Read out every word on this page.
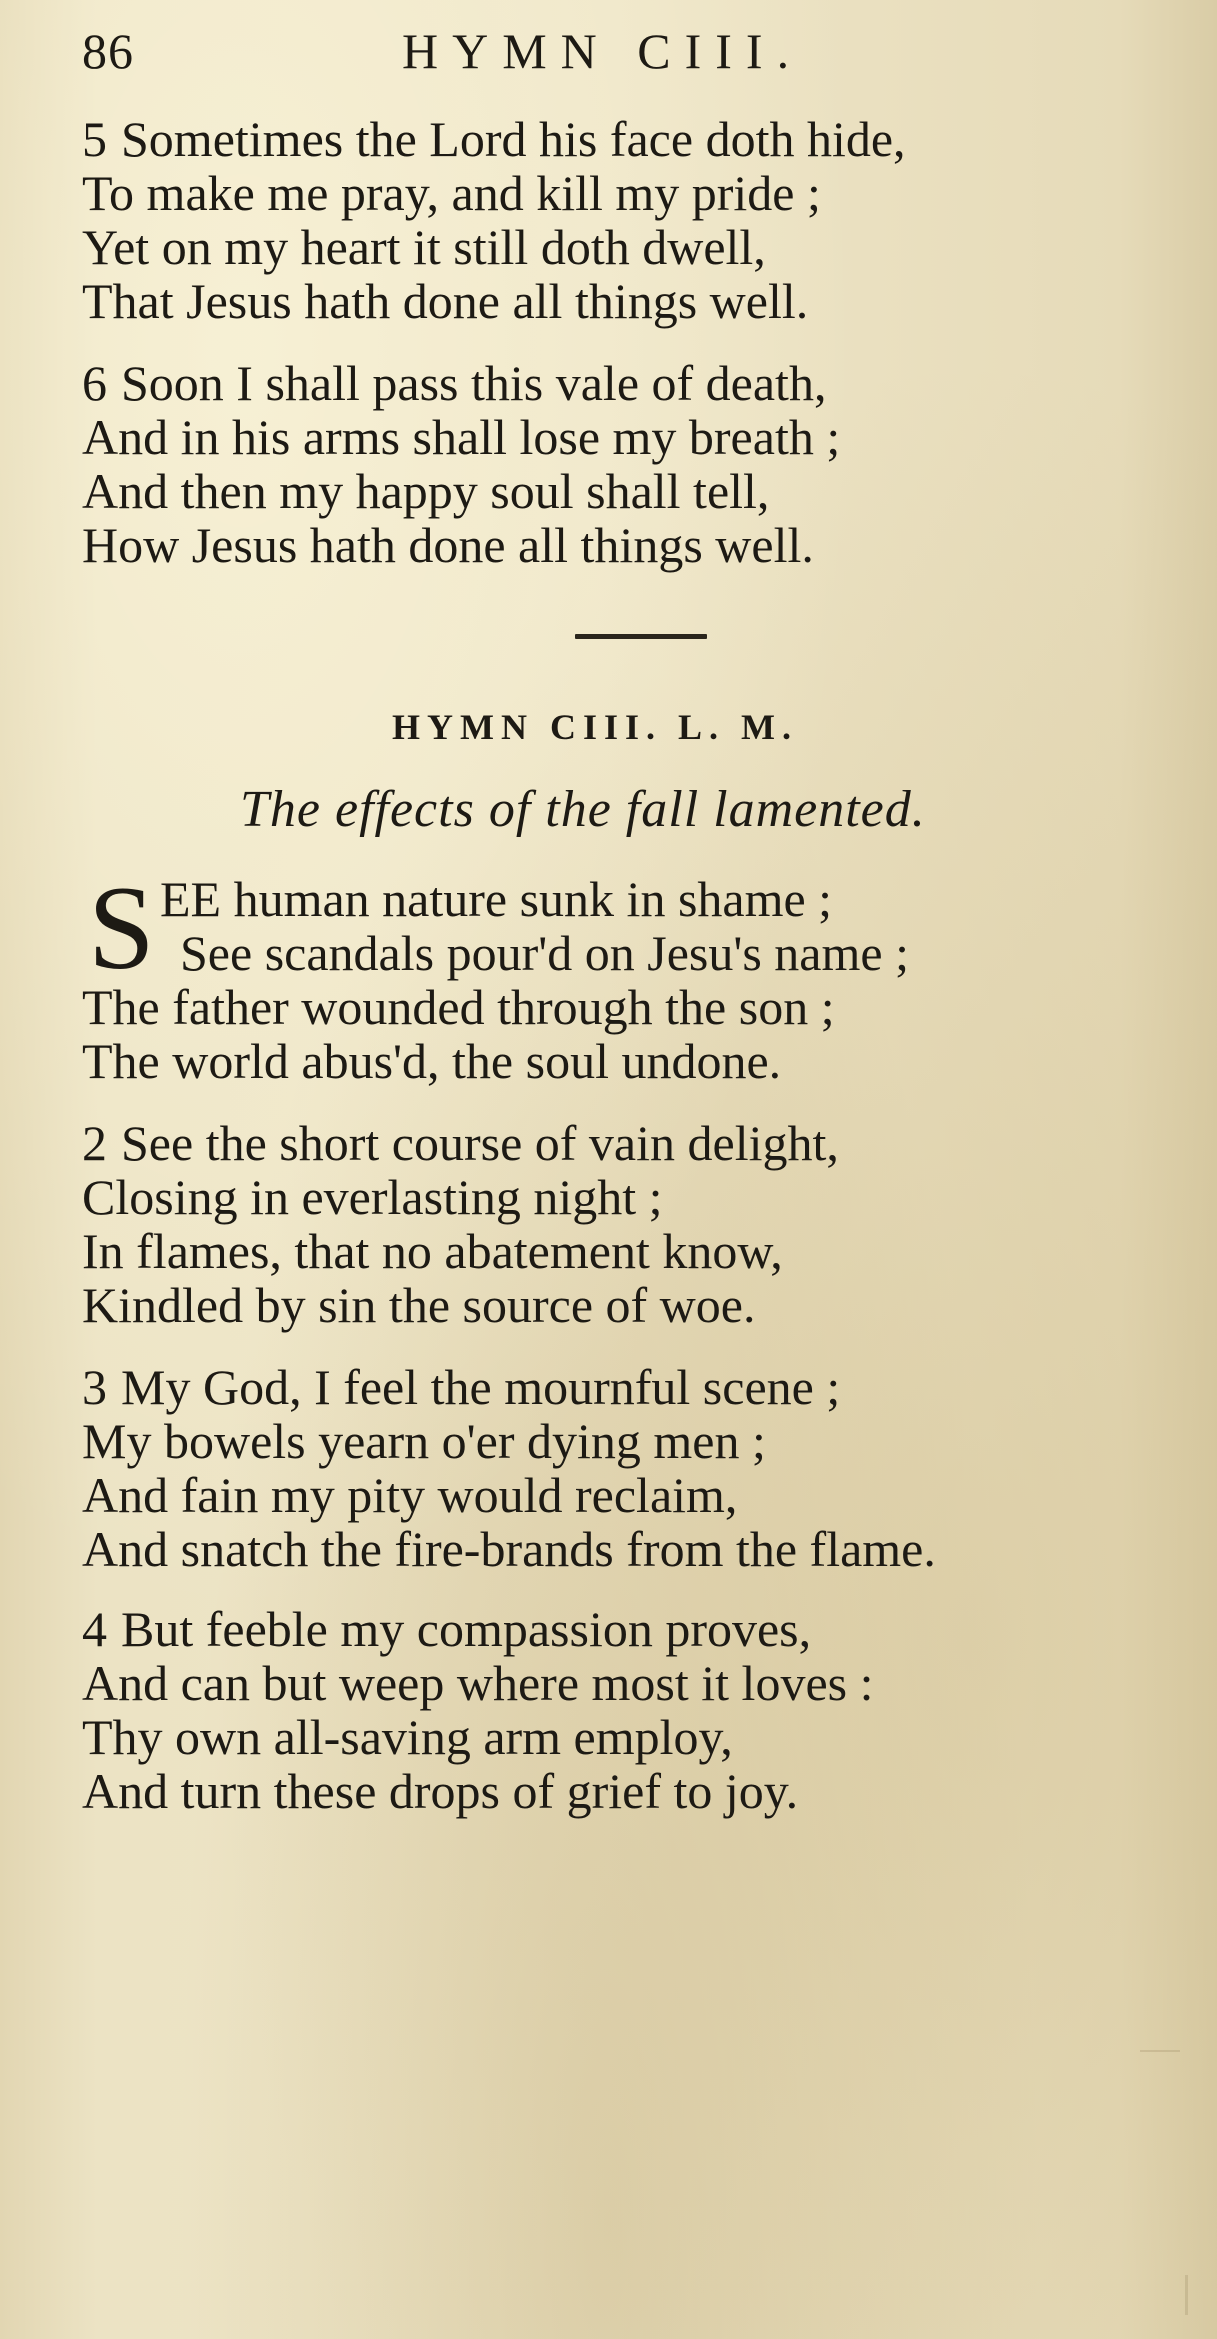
86	HYMN CIII.
5 Sometimes the Lord his face doth hide,
To make me pray, and kill my pride ;
Yet on my heart it still doth dwell,
That Jesus hath done all things well.
6 Soon I shall pass this vale of death,
And in his arms shall lose my breath ;
And then my happy soul shall tell,
How Jesus hath done all things well.
HYMN CIII. L. M.
The effects of the fall lamented.
S EE human nature sunk in shame ;
See scandals pour'd on Jesu's name ;
The father wounded through the son ;
The world abus'd, the soul undone.
2 See the short course of vain delight,
Closing in everlasting night ;
In flames, that no abatement know,
Kindled by sin the source of woe.
3 My God, I feel the mournful scene ;
My bowels yearn o'er dying men ;
And fain my pity would reclaim,
And snatch the fire-brands from the flame.
4 But feeble my compassion proves,
And can but weep where most it loves :
Thy own all-saving arm employ,
And turn these drops of grief to joy.
